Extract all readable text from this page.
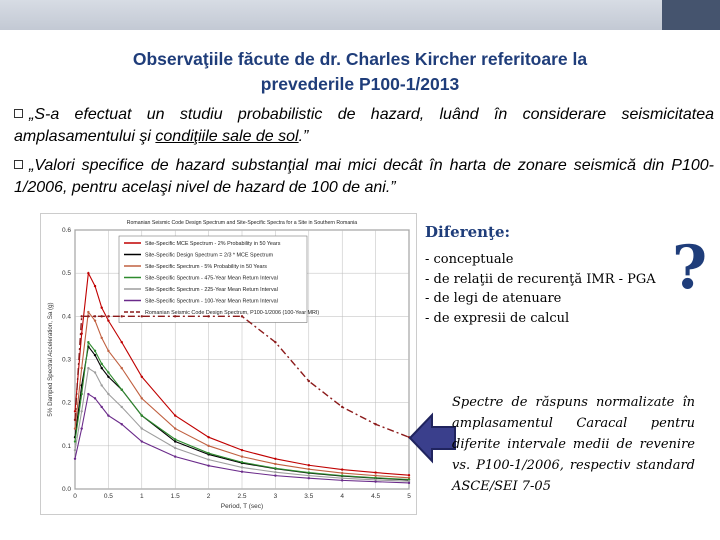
Observaţiile făcute de dr. Charles Kircher referitoare la
prevederile P100-1/2013
„S-a efectuat un studiu probabilistic de hazard, luând în considerare seismicitatea amplasamentului şi condiţiile sale de sol.”
„Valori specifice de hazard substanţial mai mici decât în harta de zonare seismică din P100-1/2006, pentru acelaşi nivel de hazard de 100 de ani.”
Romanian Seismic Code Design Spectrum and Site-Specific Spectra for a Site in Southern Romania
0	0.5	1	1.5	2	2.5	3	3.5	4	4.5	5
0.0
0.1
0.2
0.3
0.4
0.5
0.6
Period, T (sec)
5% Damped Spectral Acceleration, Sa (g)
Site-Specific MCE Spectrum - 2% Probability in 50 Years
Site-Specific Design Spectrum = 2/3 * MCE Spectrum
Site-Specific Spectrum - 5% Probability in 50 Years
Site-Specific Spectrum - 475-Year Mean Return Interval
Site-Specific Spectrum - 225-Year Mean Return Interval
Site-Specific Spectrum - 100-Year Mean Return Interval
Romanian Seismic Code Design Spectrum, P100-1/2006 (100-Year MRI)
Diferenţe:
- conceptuale
- de relaţii de recurenţă IMR - PGA
- de legi de atenuare
- de expresii de calcul
?
Spectre de răspuns normalizate în amplasamentul Caracal pentru diferite intervale medii de revenire vs. P100-1/2006, respectiv standard ASCE/SEI 7-05
